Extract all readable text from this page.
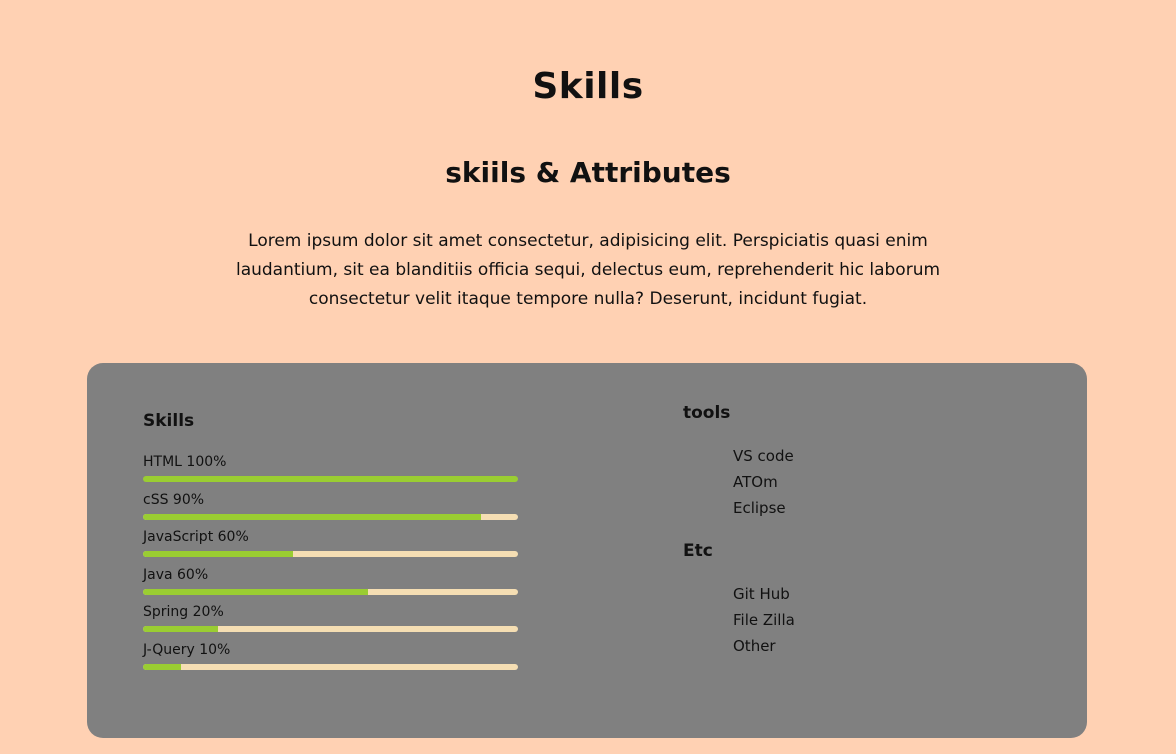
Skills
skiils & Attributes

Lorem ipsum dolor sit amet consectetur, adipisicing elit. Perspiciatis quasi enim laudantium, sit ea blanditiis officia sequi, delectus eum, reprehenderit hic laborum consectetur velit itaque tempore nulla? Deserunt, incidunt fugiat.

Skills
HTML 100%
cSS 90%
JavaScript 60%
Java 60%
Spring 20%
J-Query 10%
tools
VS code
ATOm
Eclipse
Etc
Git Hub
File Zilla
Other
